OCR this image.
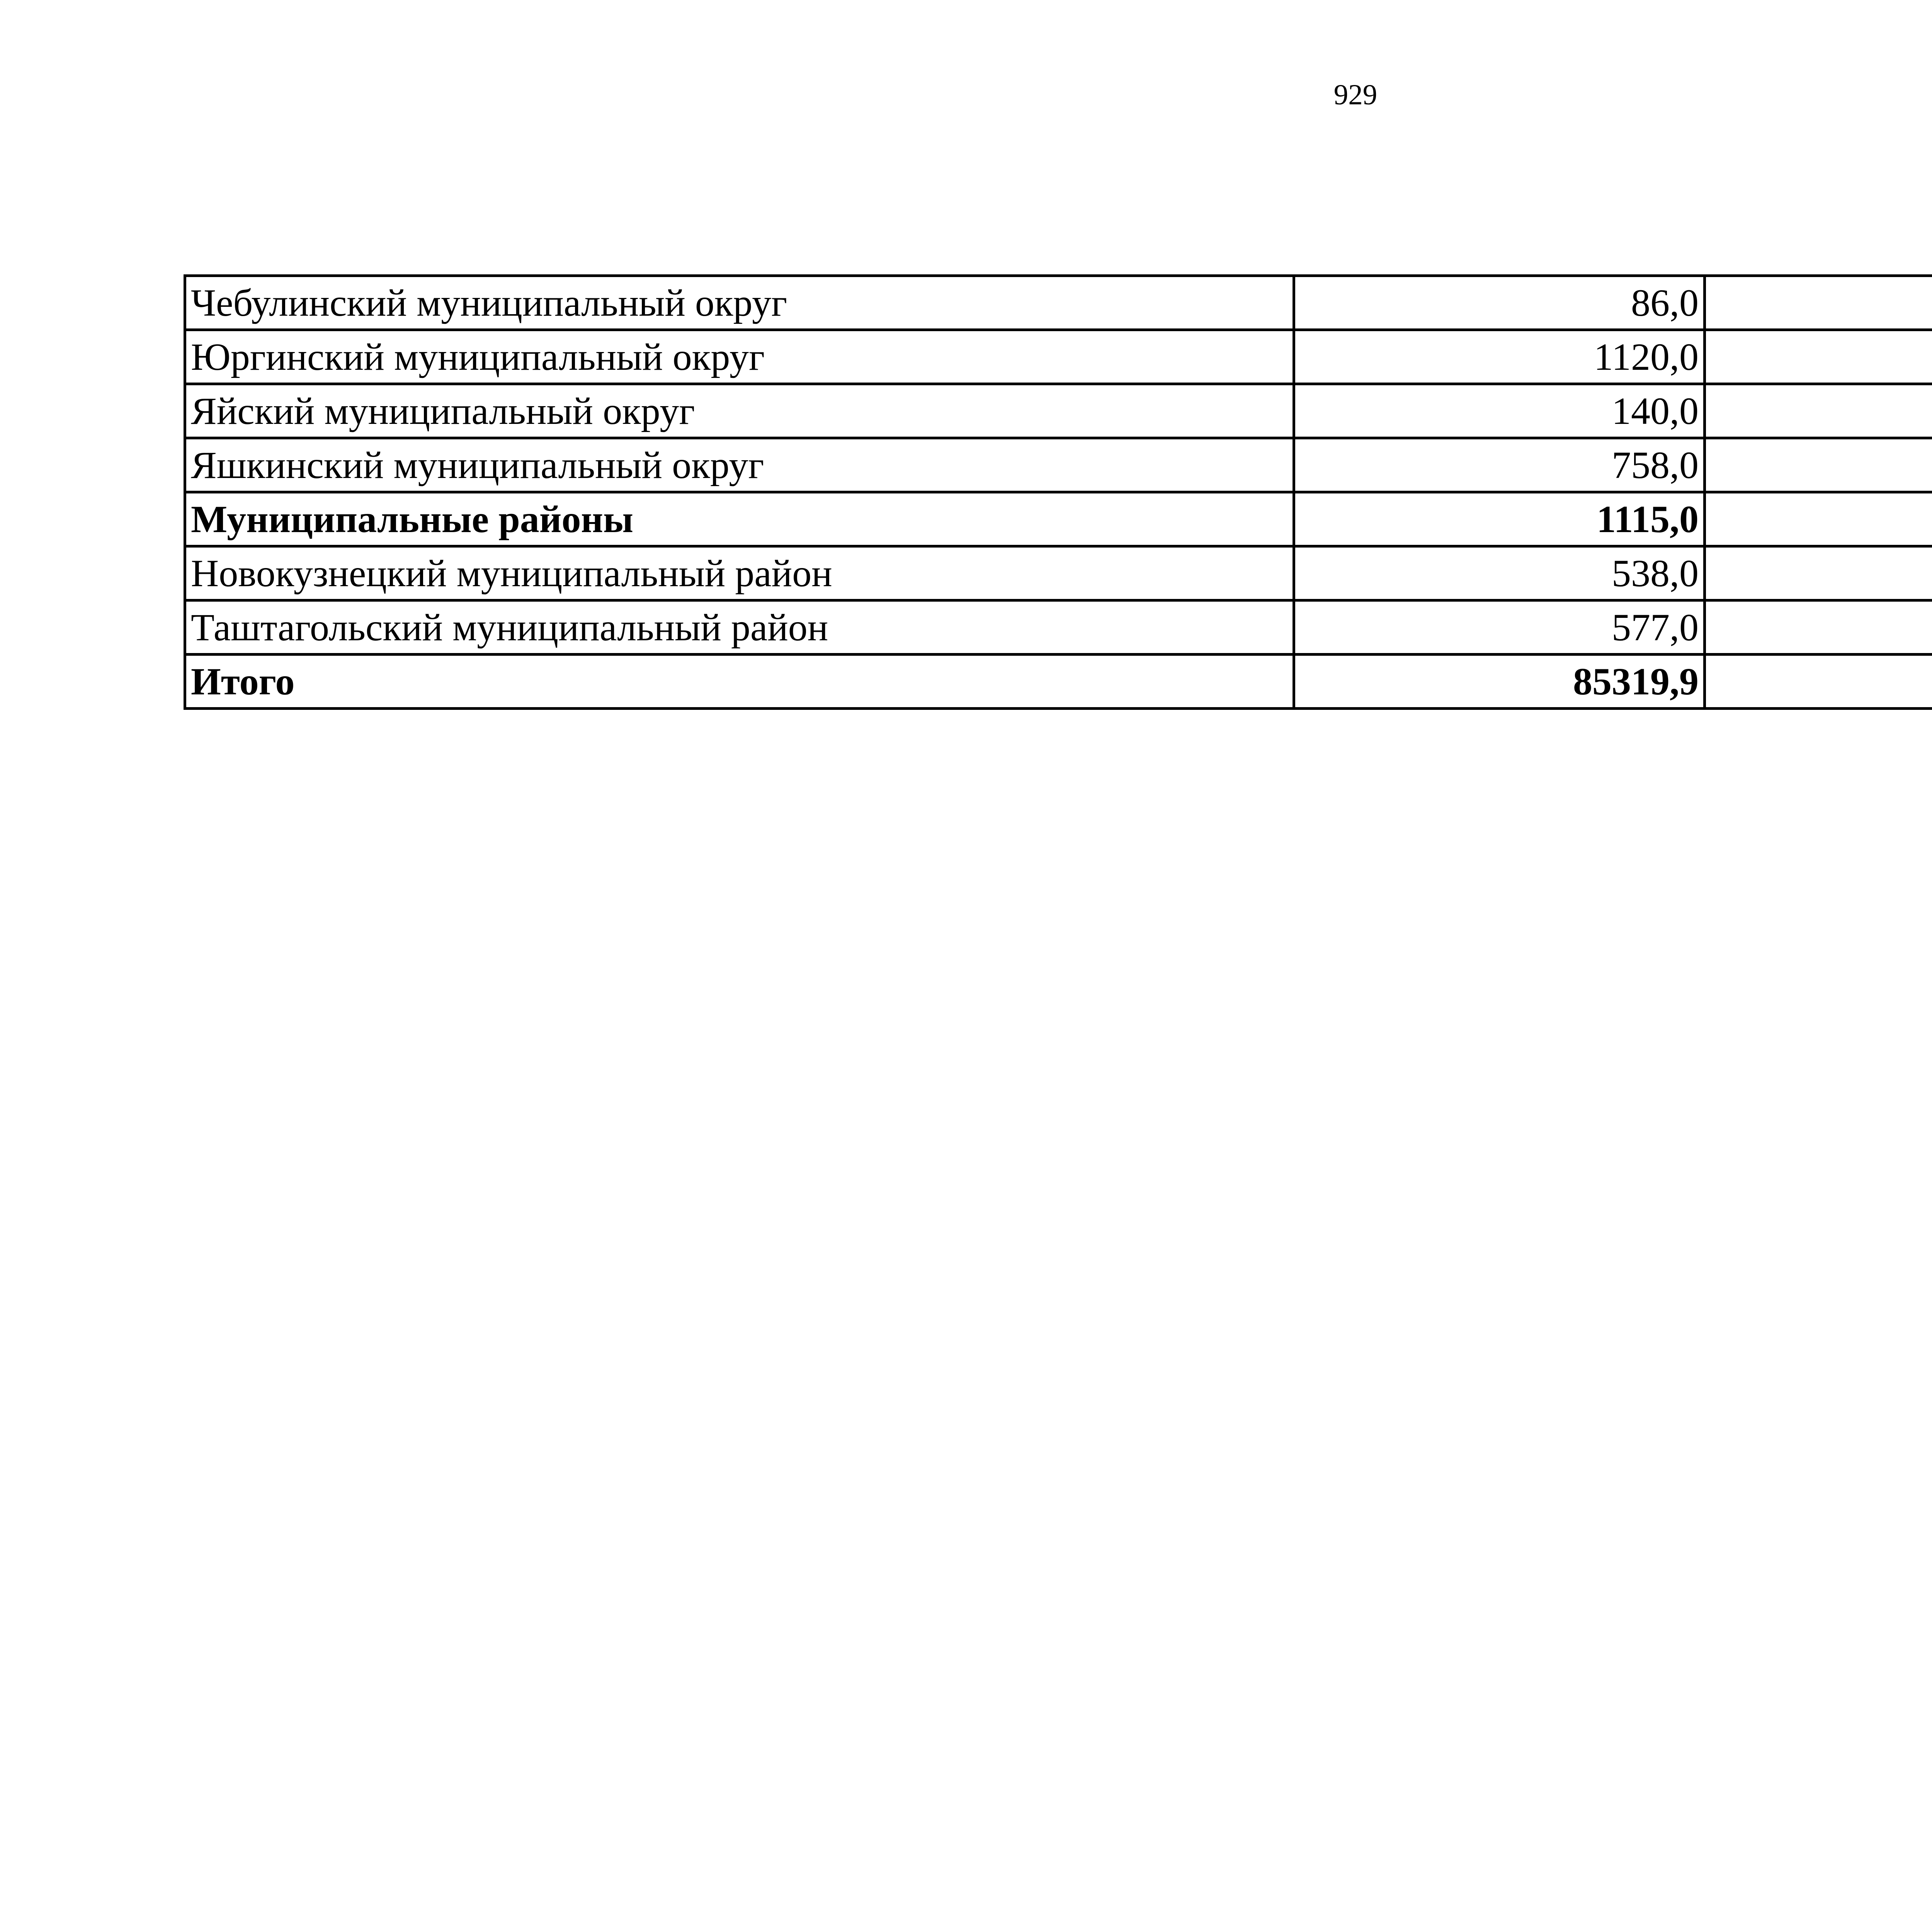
929
Чебулинский муниципальный округ	86,0		
Юргинский муниципальный округ	1120,0		
Яйский муниципальный округ	140,0		
Яшкинский муниципальный округ	758,0		
Муниципальные районы	1115,0		
Новокузнецкий муниципальный район	538,0		
Таштагольский муниципальный район	577,0		
Итого	85319,9		
